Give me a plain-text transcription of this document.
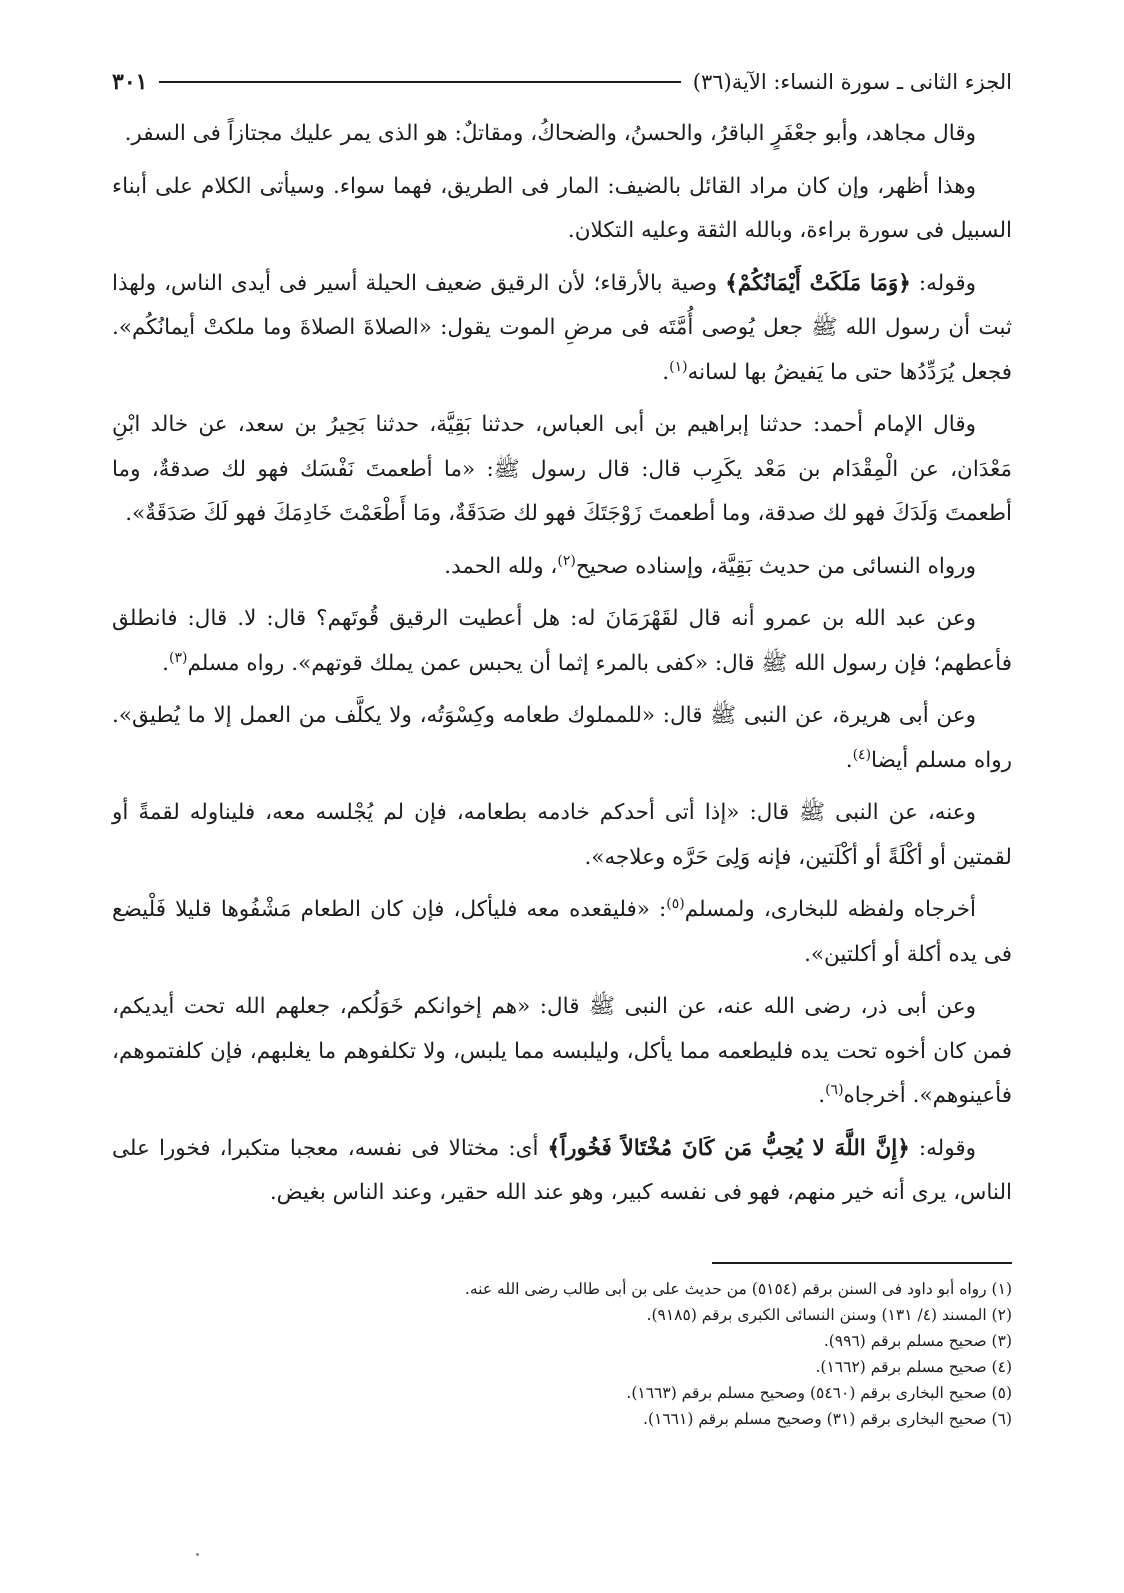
الجزء الثانى ـ سورة النساء: الآية(٣٦)
٣٠١

وقال مجاهد، وأبو جعْفَرٍ الباقرُ، والحسنُ، والضحاكُ، ومقاتلٌ: هو الذى يمر عليك مجتازاً فى السفر.

وهذا أظهر، وإن كان مراد القائل بالضيف: المار فى الطريق، فهما سواء. وسيأتى الكلام على أبناء السبيل فى سورة براءة، وبالله الثقة وعليه التكلان.

وقوله: ﴿وَمَا مَلَكَتْ أَيْمَانُكُمْ﴾ وصية بالأرقاء؛ لأن الرقيق ضعيف الحيلة أسير فى أيدى الناس، ولهذا ثبت أن رسول الله ﷺ جعل يُوصى أُمَّتَه فى مرضِ الموت يقول: «الصلاةَ الصلاةَ وما ملكتْ أيمانُكُم». فجعل يُرَدِّدُها حتى ما يَفيضُ بها لسانه$^{(١)}$.

وقال الإمام أحمد: حدثنا إبراهيم بن أبى العباس، حدثنا بَقِيَّة، حدثنا بَحِيرُ بن سعد، عن خالد ابْنِ مَعْدَان، عن الْمِقْدَام بن مَعْد يكَرِب قال: قال رسول ﷺ: «ما أطعمتَ نَفْسَك فهو لك صدقةٌ، وما أطعمتَ وَلَدَكَ فهو لك صدقة، وما أطعمتَ زَوْجَتَكَ فهو لك صَدَقَةٌ، ومَا أَطْعَمْتَ خَادِمَكَ فهو لَكَ صَدَقَةٌ».

ورواه النسائى من حديث بَقِيَّة، وإسناده صحيح$^{(٢)}$، ولله الحمد.

وعن عبد الله بن عمرو أنه قال لقَهْرَمَانَ له: هل أعطيت الرقيق قُوتَهم؟ قال: لا. قال: فانطلق فأعطهم؛ فإن رسول الله ﷺ قال: «كفى بالمرء إثما أن يحبس عمن يملك قوتهم». رواه مسلم$^{(٣)}$.

وعن أبى هريرة، عن النبى ﷺ قال: «للمملوك طعامه وكِسْوَتُه، ولا يكلَّف من العمل إلا ما يُطيق». رواه مسلم أيضا$^{(٤)}$.

وعنه، عن النبى ﷺ قال: «إذا أتى أحدكم خادمه بطعامه، فإن لم يُجْلسه معه، فليناوله لقمةً أو لقمتين أو أكْلَةً أو أكْلَتين، فإنه وَلِىَ حَرَّه وعلاجه».

أخرجاه ولفظه للبخارى، ولمسلم$^{(٥)}$: «فليقعده معه فليأكل، فإن كان الطعام مَشْفُوها قليلا فَلْيضع فى يده أكلة أو أكلتين».

وعن أبى ذر، رضى الله عنه، عن النبى ﷺ قال: «هم إخوانكم خَوَلُكم، جعلهم الله تحت أيديكم، فمن كان أخوه تحت يده فليطعمه مما يأكل، وليلبسه مما يلبس، ولا تكلفوهم ما يغلبهم، فإن كلفتموهم، فأعينوهم». أخرجاه$^{(٦)}$.

وقوله: ﴿إِنَّ اللَّهَ لا يُحِبُّ مَن كَانَ مُخْتَالاً فَخُوراً﴾ أى: مختالا فى نفسه، معجبا متكبرا، فخورا على الناس، يرى أنه خير منهم، فهو فى نفسه كبير، وهو عند الله حقير، وعند الناس بغيض.

(١) رواه أبو داود فى السنن برقم (٥١٥٤) من حديث على بن أبى طالب رضى الله عنه.
(٢) المسند (٤/ ١٣١) وسنن النسائى الكبرى برقم (٩١٨٥).
(٣) صحيح مسلم برقم (٩٩٦).
(٤) صحيح مسلم برقم (١٦٦٢).
(٥) صحيح البخارى برقم (٥٤٦٠) وصحيح مسلم برقم (١٦٦٣).
(٦) صحيح البخارى برقم (٣١) وصحيح مسلم برقم (١٦٦١).
